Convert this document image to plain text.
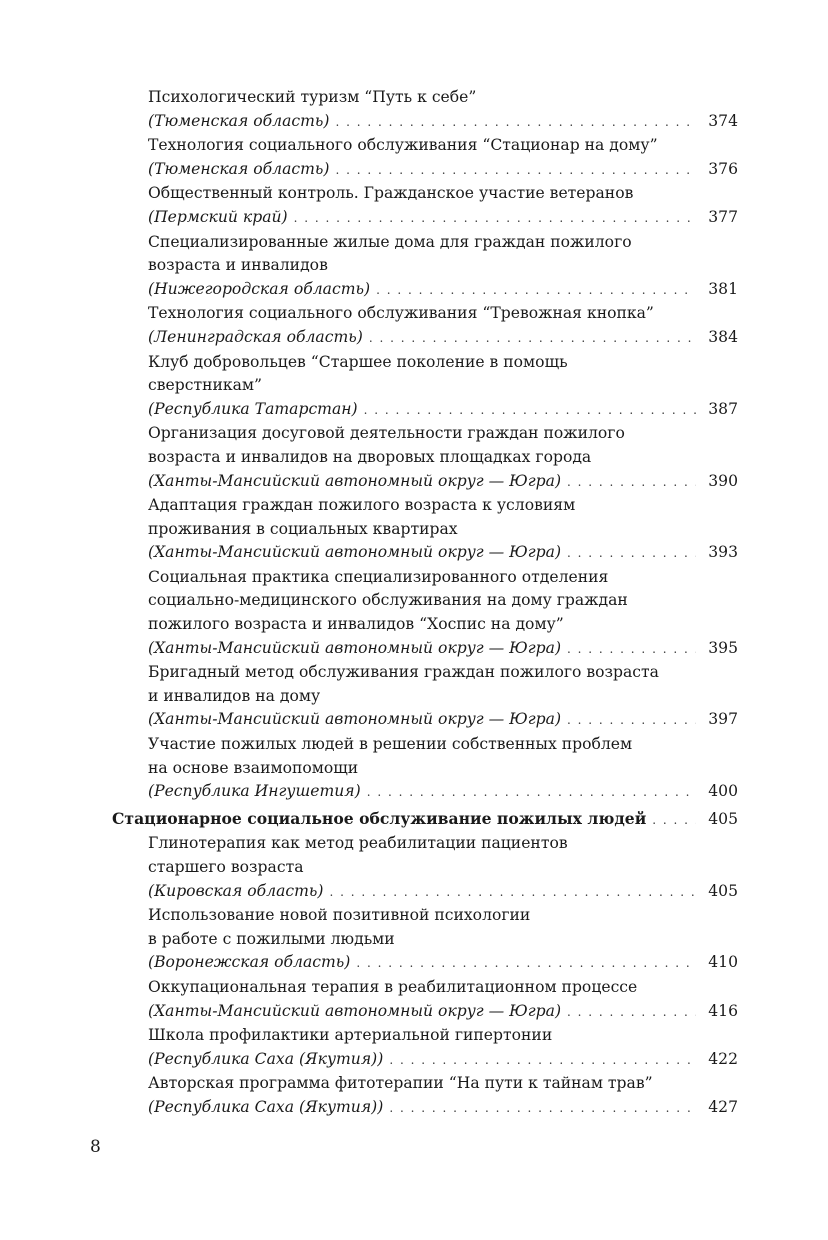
Психологический туризм “Путь к себе”
(Тюменская область) . . .	374
Технология социального обслуживания “Стационар на дому”
(Тюменская область) . . .	376
Общественный контроль. Гражданское участие ветеранов
(Пермский край) . . .	377
Специализированные жилые дома для граждан пожилого
возраста и инвалидов
(Нижегородская область) . . .	381
Технология социального обслуживания “Тревожная кнопка”
(Ленинградская область) . . .	384
Клуб добровольцев “Старшее поколение в помощь
сверстникам”
(Республика Татарстан) . . .	387
Организация досуговой деятельности граждан пожилого
возраста и инвалидов на дворовых площадках города
(Ханты-Мансийский автономный округ — Югра) . . .	390
Адаптация граждан пожилого возраста к условиям
проживания в социальных квартирах
(Ханты-Мансийский автономный округ — Югра) . . .	393
Социальная практика специализированного отделения
социально-медицинского обслуживания на дому граждан
пожилого возраста и инвалидов “Хоспис на дому”
(Ханты-Мансийский автономный округ — Югра) . . .	395
Бригадный метод обслуживания граждан пожилого возраста
и инвалидов на дому
(Ханты-Мансийский автономный округ — Югра) . . .	397
Участие пожилых людей в решении собственных проблем
на основе взаимопомощи
(Республика Ингушетия) . . .	400
Стационарное социальное обслуживание пожилых людей . . .	405
Глинотерапия как метод реабилитации пациентов
старшего возраста
(Кировская область) . . .	405
Использование новой позитивной психологии
в работе с пожилыми людьми
(Воронежская область) . . .	410
Оккупациональная терапия в реабилитационном процессе
(Ханты-Мансийский автономный округ — Югра) . . .	416
Школа профилактики артериальной гипертонии
(Республика Саха (Якутия)) . . .	422
Авторская программа фитотерапии “На пути к тайнам трав”
(Республика Саха (Якутия)) . . .	427
8
